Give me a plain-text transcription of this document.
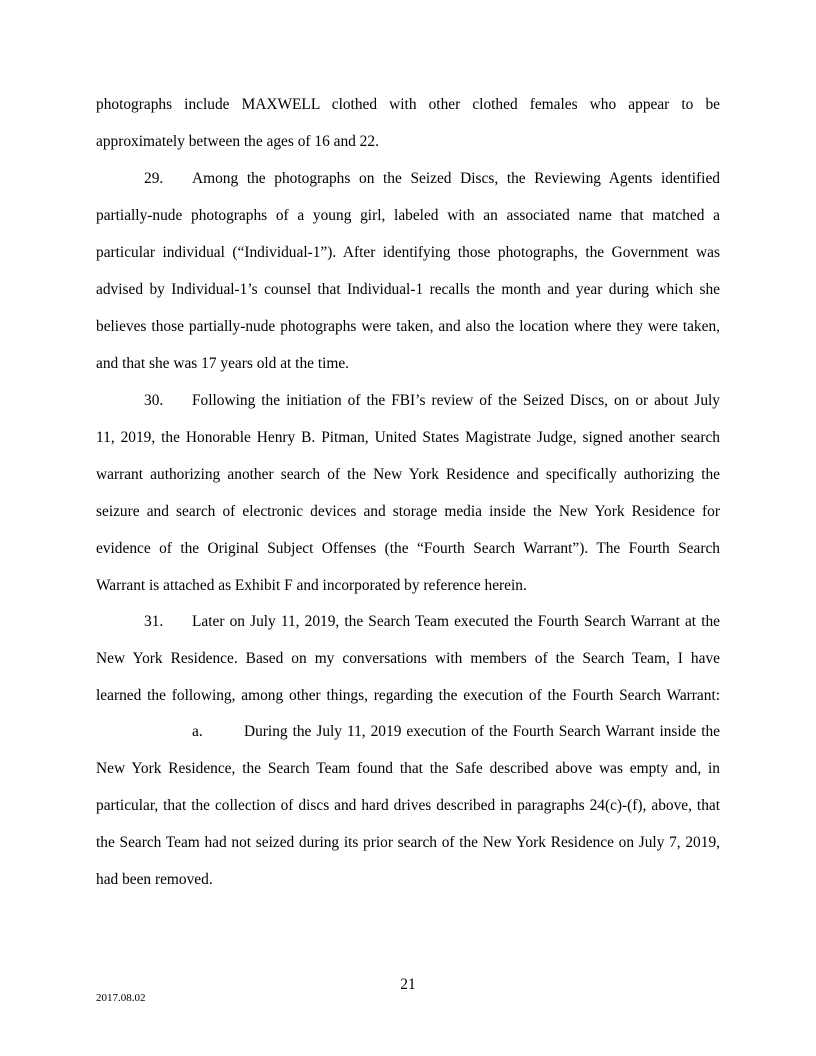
photographs include MAXWELL clothed with other clothed females who appear to be
approximately between the ages of 16 and 22.
29. Among the photographs on the Seized Discs, the Reviewing Agents identified
partially-nude photographs of a young girl, labeled with an associated name that matched a
particular individual (“Individual-1”). After identifying those photographs, the Government was
advised by Individual-1’s counsel that Individual-1 recalls the month and year during which she
believes those partially-nude photographs were taken, and also the location where they were taken,
and that she was 17 years old at the time.
30. Following the initiation of the FBI’s review of the Seized Discs, on or about July
11, 2019, the Honorable Henry B. Pitman, United States Magistrate Judge, signed another search
warrant authorizing another search of the New York Residence and specifically authorizing the
seizure and search of electronic devices and storage media inside the New York Residence for
evidence of the Original Subject Offenses (the “Fourth Search Warrant”). The Fourth Search
Warrant is attached as Exhibit F and incorporated by reference herein.
31. Later on July 11, 2019, the Search Team executed the Fourth Search Warrant at the
New York Residence. Based on my conversations with members of the Search Team, I have
learned the following, among other things, regarding the execution of the Fourth Search Warrant:
a.	During the July 11, 2019 execution of the Fourth Search Warrant inside the
New York Residence, the Search Team found that the Safe described above was empty and, in
particular, that the collection of discs and hard drives described in paragraphs 24(c)-(f), above, that
the Search Team had not seized during its prior search of the New York Residence on July 7, 2019,
had been removed.
21
2017.08.02
